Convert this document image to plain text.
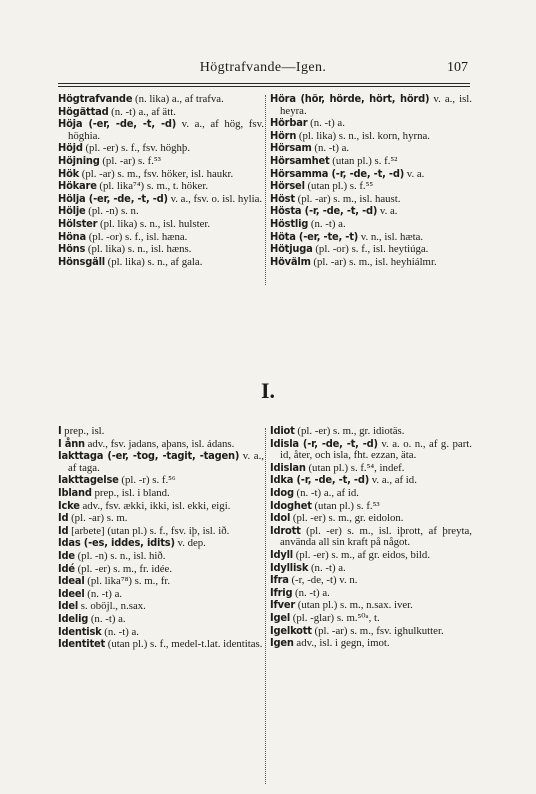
Högtrafvande—Igen.	107

Högtrafvande (n. lika) a., af trafva.

Högättad (n. -t) a., af ätt.

Höja (-er, -de, -t, -d) v. a., af hög, fsv. höghia.

Höjd (pl. -er) s. f., fsv. höghþ.

Höjning (pl. -ar) s. f.⁵³

Hök (pl. -ar) s. m., fsv. höker, isl. haukr.

Hökare (pl. lika⁷⁴) s. m., t. höker.

Hölja (-er, -de, -t, -d) v. a., fsv. o. isl. hylia.

Hölje (pl. -n) s. n.

Hölster (pl. lika) s. n., isl. hulster.

Höna (pl. -or) s. f., isl. hæna.

Höns (pl. lika) s. n., isl. hæns.

Hönsgäll (pl. lika) s. n., af gala.

Höra (hör, hörde, hört, hörd) v. a., isl. heyra.

Hörbar (n. -t) a.

Hörn (pl. lika) s. n., isl. korn, hyrna.

Hörsam (n. -t) a.

Hörsamhet (utan pl.) s. f.⁵²

Hörsamma (-r, -de, -t, -d) v. a.

Hörsel (utan pl.) s. f.⁵⁵

Höst (pl. -ar) s. m., isl. haust.

Hösta (-r, -de, -t, -d) v. a.

Höstlig (n. -t) a.

Höta (-er, -te, -t) v. n., isl. hæta.

Hötjuga (pl. -or) s. f., isl. heytiúga.

Hövälm (pl. -ar) s. m., isl. heyhiálmr.

I.

I prep., isl.

I ånn adv., fsv. jadans, aþans, isl. ádans.

Iakttaga (-er, -tog, -tagit, -tagen) v. a., af taga.

Iakttagelse (pl. -r) s. f.⁵⁶

Ibland prep., isl. i bland.

Icke adv., fsv. ækki, ikki, isl. ekki, eigi.

Id (pl. -ar) s. m.

Id [arbete] (utan pl.) s. f., fsv. iþ, isl. ið.

Idas (-es, iddes, idits) v. dep.

Ide (pl. -n) s. n., isl. hið.

Idé (pl. -er) s. m., fr. idée.

Ideal (pl. lika⁷⁸) s. m., fr.

Ideel (n. -t) a.

Idel s. oböjl., n.sax.

Idelig (n. -t) a.

Identisk (n. -t) a.

Identitet (utan pl.) s. f., medel-t.lat. identitas.

Idiot (pl. -er) s. m., gr. idiotäs.

Idisla (-r, -de, -t, -d) v. a. o. n., af g. part. id, åter, och isla, fht. ezzan, äta.

Idislan (utan pl.) s. f.⁵⁴, indef.

Idka (-r, -de, -t, -d) v. a., af id.

Idog (n. -t) a., af id.

Idoghet (utan pl.) s. f.⁵³

Idol (pl. -er) s. m., gr. eidolon.

Idrott (pl. -er) s. m., isl. iþrott, af þreyta, använda all sin kraft på något.

Idyll (pl. -er) s. m., af gr. eidos, bild.

Idyllisk (n. -t) a.

Ifra (-r, -de, -t) v. n.

Ifrig (n. -t) a.

Ifver (utan pl.) s. m., n.sax. iver.

Igel (pl. -glar) s. m.⁵⁰ᵃ, t.

Igelkott (pl. -ar) s. m., fsv. ighulkutter.

Igen adv., isl. i gegn, imot.
